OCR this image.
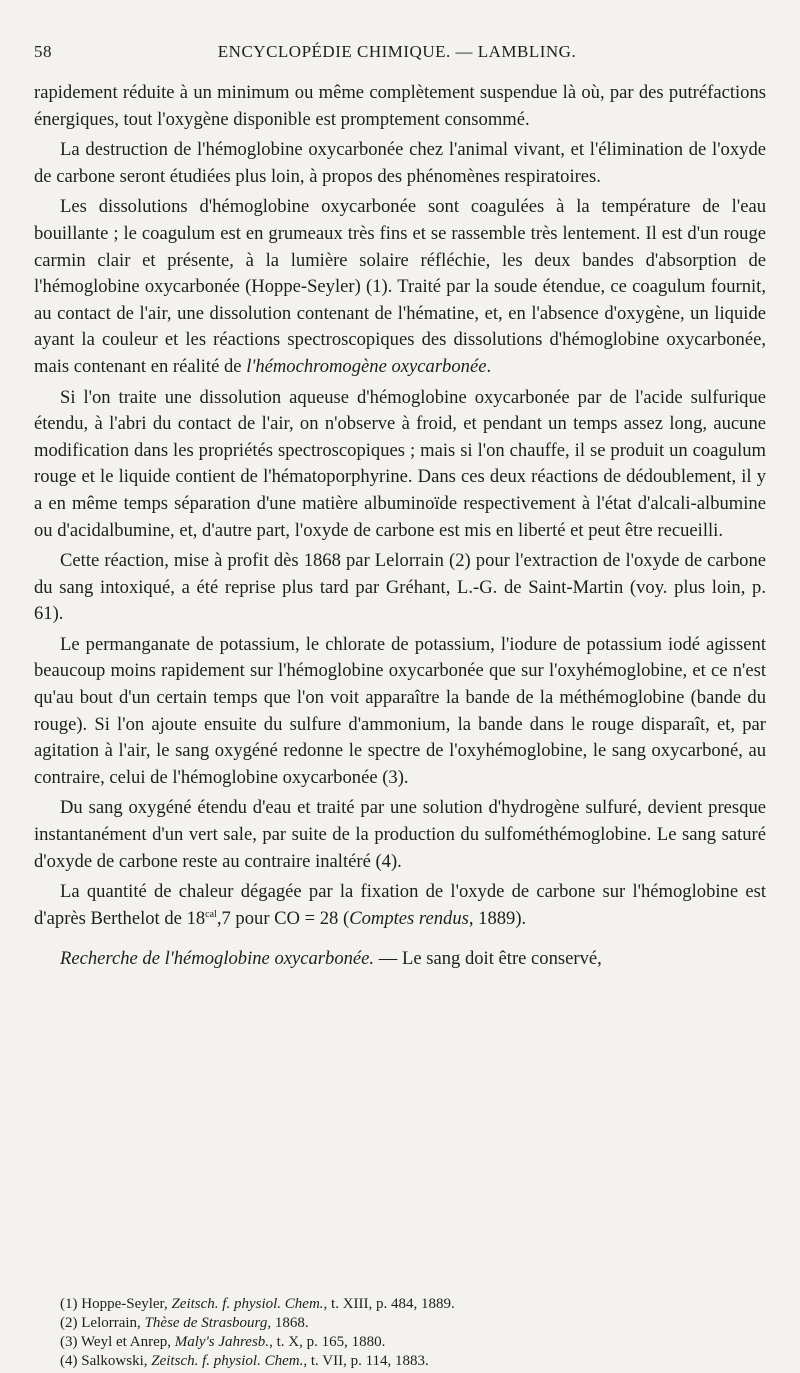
58	ENCYCLOPÉDIE CHIMIQUE. — LAMBLING.

rapidement réduite à un minimum ou même complètement suspendue là où, par des putréfactions énergiques, tout l'oxygène disponible est promptement consommé.

La destruction de l'hémoglobine oxycarbonée chez l'animal vivant, et l'élimination de l'oxyde de carbone seront étudiées plus loin, à propos des phénomènes respiratoires.

Les dissolutions d'hémoglobine oxycarbonée sont coagulées à la température de l'eau bouillante ; le coagulum est en grumeaux très fins et se rassemble très lentement. Il est d'un rouge carmin clair et présente, à la lumière solaire réfléchie, les deux bandes d'absorption de l'hémoglobine oxycarbonée (Hoppe-Seyler) (1). Traité par la soude étendue, ce coagulum fournit, au contact de l'air, une dissolution contenant de l'hématine, et, en l'absence d'oxygène, un liquide ayant la couleur et les réactions spectroscopiques des dissolutions d'hémoglobine oxycarbonée, mais contenant en réalité de l'hémochromogène oxycarbonée.

Si l'on traite une dissolution aqueuse d'hémoglobine oxycarbonée par de l'acide sulfurique étendu, à l'abri du contact de l'air, on n'observe à froid, et pendant un temps assez long, aucune modification dans les propriétés spectroscopiques ; mais si l'on chauffe, il se produit un coagulum rouge et le liquide contient de l'hématoporphyrine. Dans ces deux réactions de dédoublement, il y a en même temps séparation d'une matière albuminoïde respectivement à l'état d'alcali-albumine ou d'acidalbumine, et, d'autre part, l'oxyde de carbone est mis en liberté et peut être recueilli.

Cette réaction, mise à profit dès 1868 par Lelorrain (2) pour l'extraction de l'oxyde de carbone du sang intoxiqué, a été reprise plus tard par Gréhant, L.-G. de Saint-Martin (voy. plus loin, p. 61).

Le permanganate de potassium, le chlorate de potassium, l'iodure de potassium iodé agissent beaucoup moins rapidement sur l'hémoglobine oxycarbonée que sur l'oxyhémoglobine, et ce n'est qu'au bout d'un certain temps que l'on voit apparaître la bande de la méthémoglobine (bande du rouge). Si l'on ajoute ensuite du sulfure d'ammonium, la bande dans le rouge disparaît, et, par agitation à l'air, le sang oxygéné redonne le spectre de l'oxyhémoglobine, le sang oxycarboné, au contraire, celui de l'hémoglobine oxycarbonée (3).

Du sang oxygéné étendu d'eau et traité par une solution d'hydrogène sulfuré, devient presque instantanément d'un vert sale, par suite de la production du sulfométhémoglobine. Le sang saturé d'oxyde de carbone reste au contraire inaltéré (4).

La quantité de chaleur dégagée par la fixation de l'oxyde de carbone sur l'hémoglobine est d'après Berthelot de $18^{cal},7$ pour CO = 28 (Comptes rendus, 1889).

Recherche de l'hémoglobine oxycarbonée. — Le sang doit être conservé,

(1) Hoppe-Seyler, Zeitsch. f. physiol. Chem., t. XIII, p. 484, 1889.

(2) Lelorrain, Thèse de Strasbourg, 1868.

(3) Weyl et Anrep, Maly's Jahresb., t. X, p. 165, 1880.

(4) Salkowski, Zeitsch. f. physiol. Chem., t. VII, p. 114, 1883.
